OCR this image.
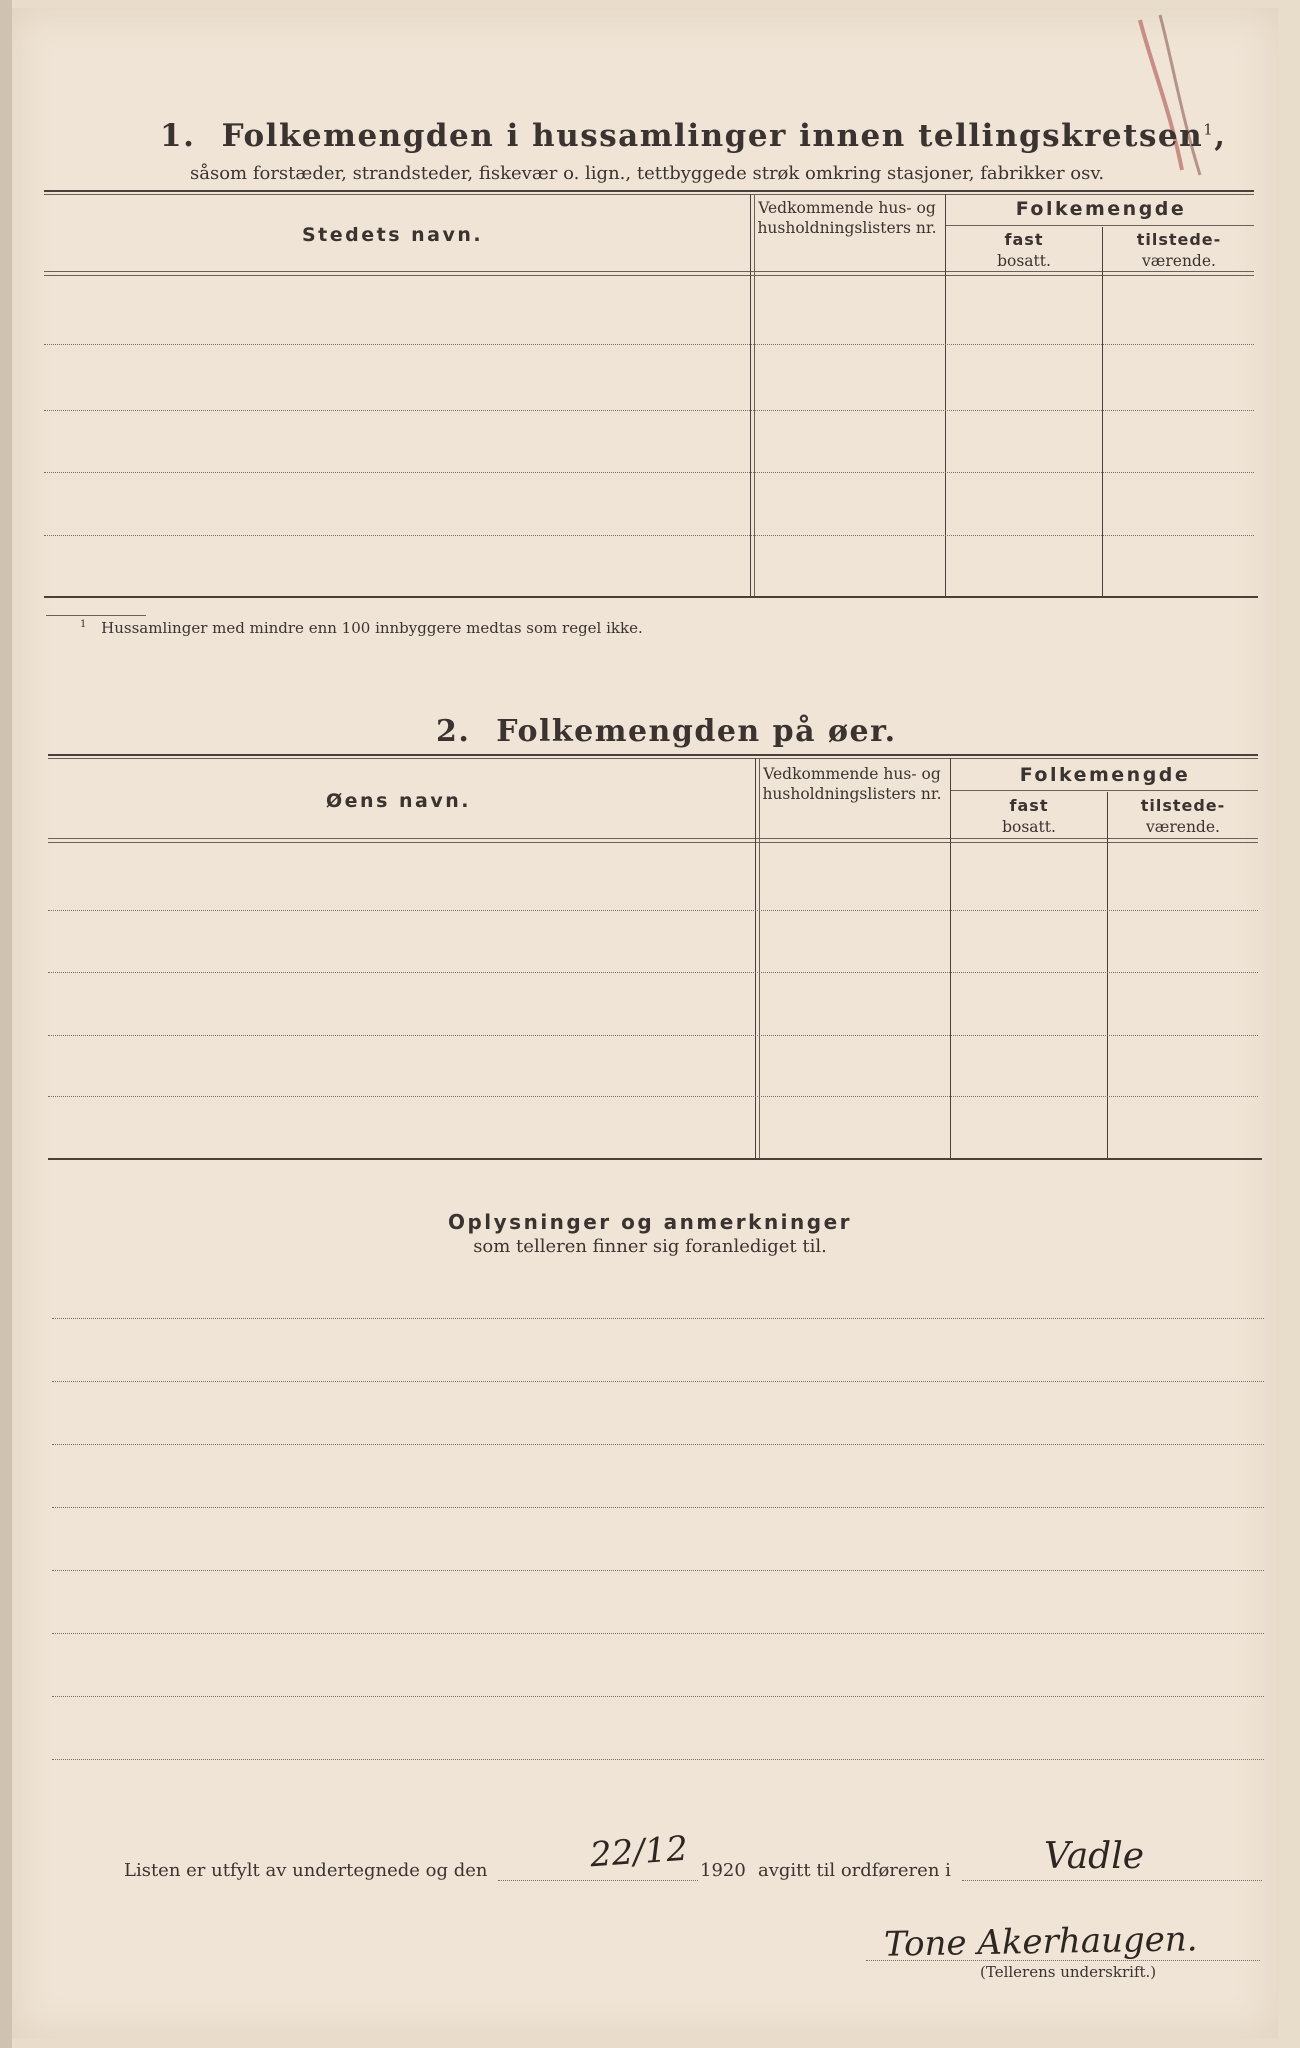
1. Folkemengden i hussamlinger innen tellingskretsen$^1$,
såsom forstæder, strandsteder, fiskevær o. lign., tettbyggede strøk omkring stasjoner, fabrikker osv.
Stedets navn.
Vedkommende hus- og husholdningslisters nr.
Folkemengde
fast
bosatt.
tilstede-
værende.
$^1$ Hussamlinger med mindre enn 100 innbyggere medtas som regel ikke.
2. Folkemengden på øer.
Øens navn.
Vedkommende hus- og husholdningslisters nr.
Folkemengde
fast
bosatt.
tilstede-
værende.
Oplysninger og anmerkninger
som telleren finner sig foranlediget til.
Listen er utfylt av undertegnede og den	22/12 1920 avgitt til ordføreren i	Vadle
Tone Akerhaugen.
(Tellerens underskrift.)
